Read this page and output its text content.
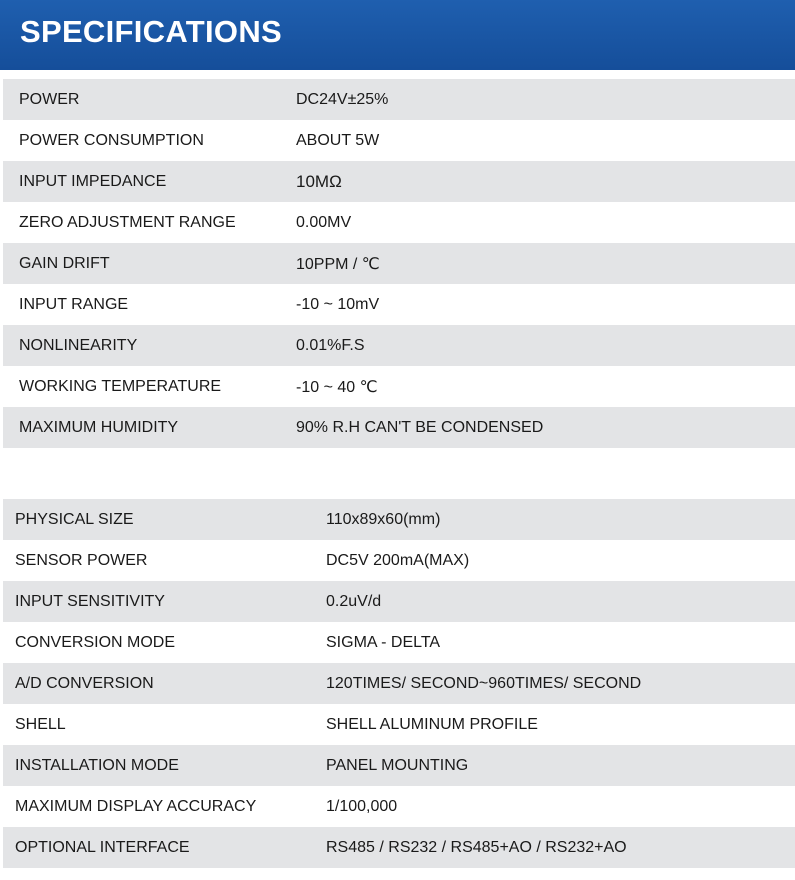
SPECIFICATIONS
POWER	DC24V±25%
POWER CONSUMPTION	ABOUT 5W
INPUT IMPEDANCE	10MΩ
ZERO ADJUSTMENT RANGE	0.00MV
GAIN DRIFT	10PPM / ℃
INPUT RANGE	-10 ~ 10mV
NONLINEARITY	0.01%F.S
WORKING TEMPERATURE	-10 ~ 40 ℃
MAXIMUM HUMIDITY	90% R.H CAN'T BE CONDENSED
PHYSICAL SIZE	110x89x60(mm)
SENSOR POWER	DC5V 200mA(MAX)
INPUT SENSITIVITY	0.2uV/d
CONVERSION MODE	SIGMA - DELTA
A/D CONVERSION	120TIMES/ SECOND~960TIMES/ SECOND
SHELL	SHELL ALUMINUM PROFILE
INSTALLATION MODE	PANEL MOUNTING
MAXIMUM DISPLAY ACCURACY	1/100,000
OPTIONAL INTERFACE	RS485 / RS232 / RS485+AO / RS232+AO
